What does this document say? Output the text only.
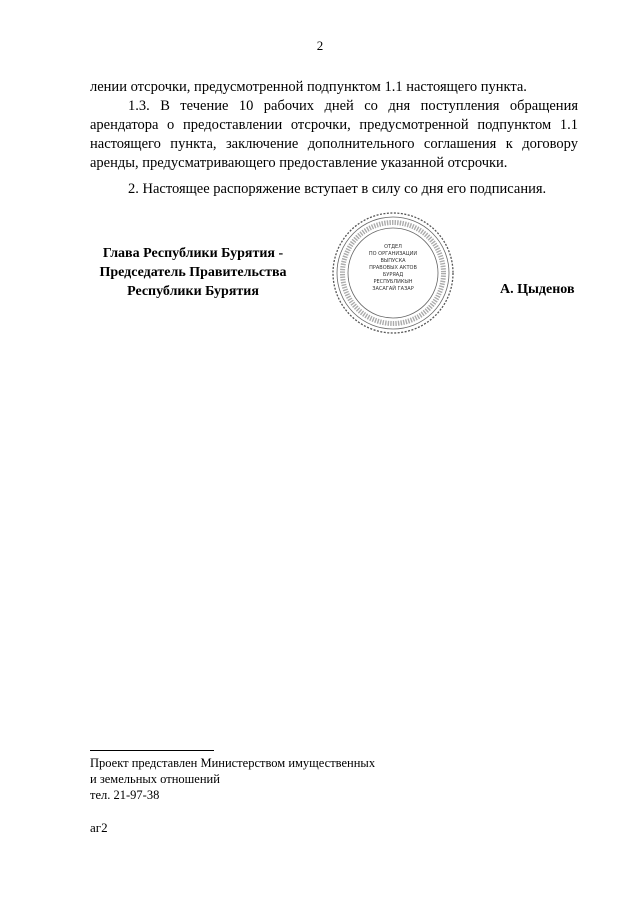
2
лении отсрочки, предусмотренной подпунктом 1.1 настоящего пункта.
1.3. В течение 10 рабочих дней со дня поступления обращения арендатора о предоставлении отсрочки, предусмотренной подпунктом 1.1 настоящего пункта, заключение дополнительного соглашения к договору аренды, предусматривающего предоставление указанной отсрочки.
2. Настоящее распоряжение вступает в силу со дня его подписания.
Глава Республики Бурятия -
Председатель Правительства
Республики Бурятия
ОТДЕЛ
ПО ОРГАНИЗАЦИИ
ВЫПУСКА
ПРАВОВЫХ АКТОВ
БУРЯАД
РЕСПУБЛИКЫН
ЗАСАГАЙ ГАЗАР	А. Цыденов
Проект представлен Министерством имущественных
и земельных отношений
тел. 21-97-38
аг2
